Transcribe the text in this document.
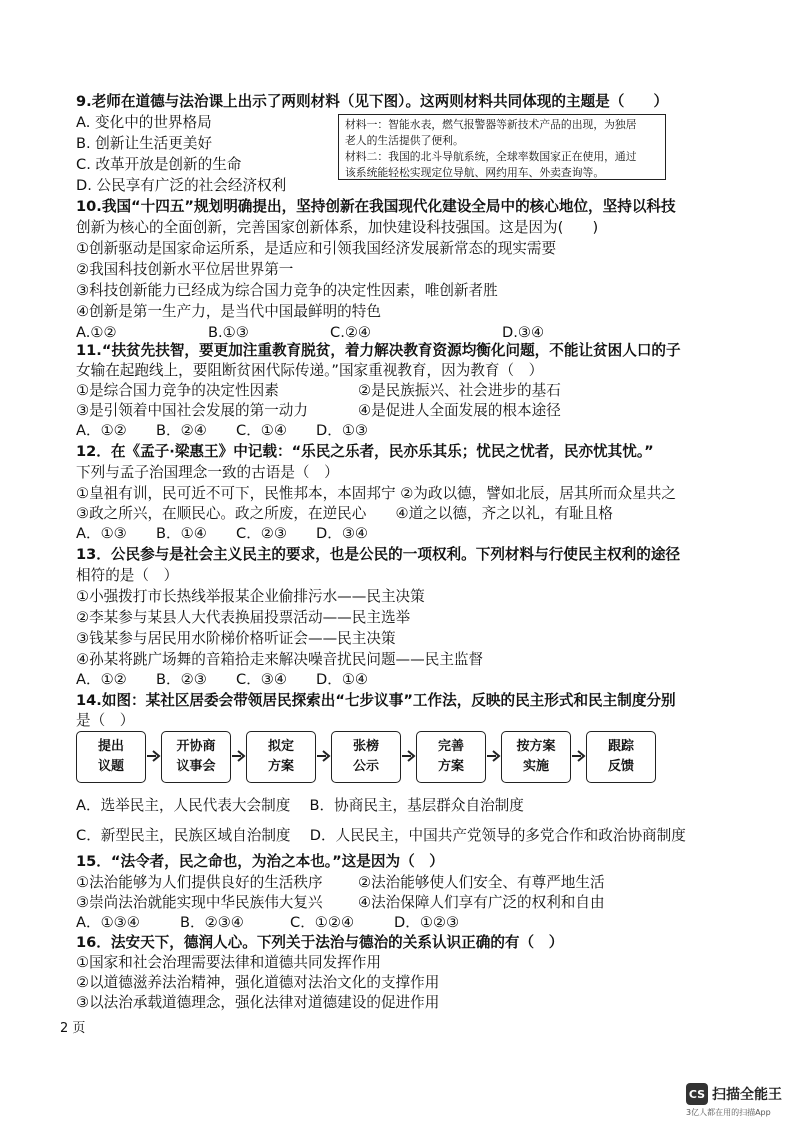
9.老师在道德与法治课上出示了两则材料（见下图）。这两则材料共同体现的主题是（　　）
A. 变化中的世界格局
B. 创新让生活更美好
C. 改革开放是创新的生命
D. 公民享有广泛的社会经济权利
材料一：智能水表，燃气报警器等新技术产品的出现，为独居
老人的生活提供了便利。
材料二：我国的北斗导航系统，全球率数国家正在使用，通过
该系统能轻松实现定位导航、网约用车、外卖查询等。
10.我国“十四五”规划明确提出，坚持创新在我国现代化建设全局中的核心地位，坚持以科技
创新为核心的全面创新，完善国家创新体系，加快建设科技强国。这是因为(　　)
①创新驱动是国家命运所系，是适应和引领我国经济发展新常态的现实需要
②我国科技创新水平位居世界第一
③科技创新能力已经成为综合国力竞争的决定性因素，唯创新者胜
④创新是第一生产力，是当代中国最鲜明的特色
A.①②	B.①③	C.②④	D.③④
11.“扶贫先扶智，要更加注重教育脱贫，着力解决教育资源均衡化问题，不能让贫困人口的子
女输在起跑线上，要阻断贫困代际传递。”国家重视教育，因为教育（　）
①是综合国力竞争的决定性因素	②是民族振兴、社会进步的基石
③是引领着中国社会发展的第一动力	④是促进人全面发展的根本途径
A．①② B．②④ C．①④ D．①③
12．在《孟子·梁惠王》中记载：“乐民之乐者，民亦乐其乐；忧民之忧者，民亦忧其忧。”
下列与孟子治国理念一致的古语是（　）
①皇祖有训，民可近不可下，民惟邦本，本固邦宁 ②为政以德，譬如北辰，居其所而众星共之
③政之所兴，在顺民心。政之所废，在逆民心　　④道之以德，齐之以礼，有耻且格
A．①③ B．①④ C．②③ D．③④
13．公民参与是社会主义民主的要求，也是公民的一项权利。下列材料与行使民主权利的途径
相符的是（　）
①小强拨打市长热线举报某企业偷排污水——民主决策
②李某参与某县人大代表换届投票活动——民主选举
③钱某参与居民用水阶梯价格听证会——民主决策
④孙某将跳广场舞的音箱拾走来解决噪音扰民问题——民主监督
A．①② B．②③ C．③④ D．①④
14.如图：某社区居委会带领居民探索出“七步议事”工作法，反映的民主形式和民主制度分别
是（　）
提出
议题
开协商
议事会
拟定
方案
张榜
公示
完善
方案
按方案
实施
跟踪
反馈
A．选举民主，人民代表大会制度　 B．协商民主，基层群众自治制度
C．新型民主，民族区域自治制度　 D．人民民主，中国共产党领导的多党合作和政治协商制度
15．“法令者，民之命也，为治之本也。”这是因为（　）
①法治能够为人们提供良好的生活秩序 ②法治能够使人们安全、有尊严地生活
③崇尚法治就能实现中华民族伟大复兴 ④法治保障人们享有广泛的权利和自由
A．①③④	B．②③④	C．①②④	D．①②③
16．法安天下，德润人心。下列关于法治与德治的关系认识正确的有（　）
①国家和社会治理需要法律和道德共同发挥作用
②以道德滋养法治精神，强化道德对法治文化的支撑作用
③以法治承载道德理念，强化法律对道德建设的促进作用
2 页
CS 扫描全能王
3亿人都在用的扫描App
